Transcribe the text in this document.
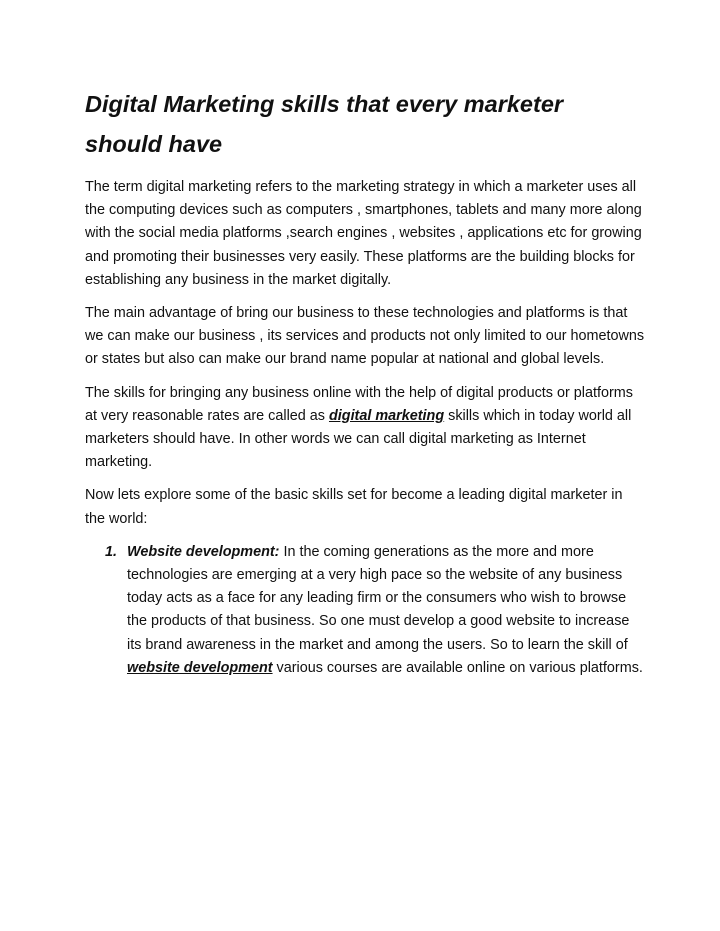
Digital Marketing skills that every marketer should have

The term digital marketing refers to the marketing strategy in which a marketer uses all the computing devices such as computers , smartphones, tablets and many more along with the social media platforms ,search engines , websites , applications etc for growing and promoting their businesses very easily. These platforms are the building blocks for establishing any business in the market digitally.

The main advantage of bring our business to these technologies and platforms is that we can make our business , its services and products not only limited to our hometowns or states but also can make our brand name popular at national and global levels.

The skills for bringing any business online with the help of digital products or platforms at very reasonable rates are called as digital marketing skills which in today world all marketers should have. In other words we can call digital marketing as Internet marketing.

Now lets explore some of the basic skills set for become a leading digital marketer in the world:

1. Website development: In the coming generations as the more and more technologies are emerging at a very high pace so the website of any business today acts as a face for any leading firm or the consumers who wish to browse the products of that business. So one must develop a good website to increase its brand awareness in the market and among the users. So to learn the skill of website development various courses are available online on various platforms.
